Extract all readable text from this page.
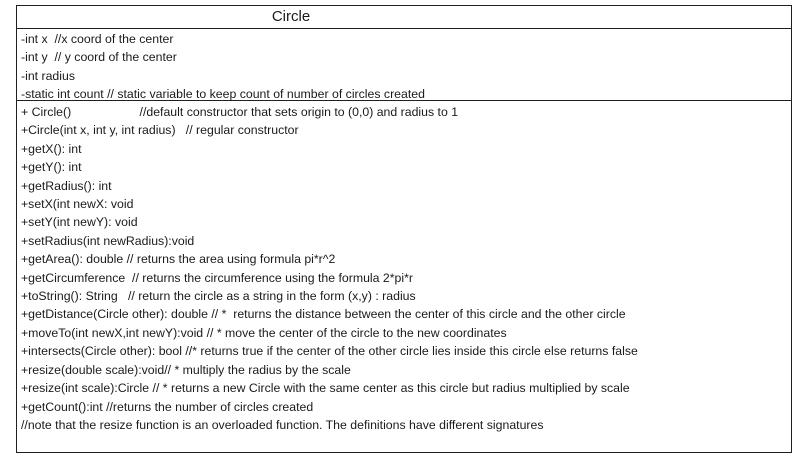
Circle
-int x  //x coord of the center
-int y  // y coord of the center
-int radius
-static int count // static variable to keep count of number of circles created
+ Circle()                    //default constructor that sets origin to (0,0) and radius to 1
+Circle(int x, int y, int radius)   // regular constructor
+getX(): int
+getY(): int
+getRadius(): int
+setX(int newX: void
+setY(int newY): void
+setRadius(int newRadius):void
+getArea(): double // returns the area using formula pi*r^2
+getCircumference  // returns the circumference using the formula 2*pi*r
+toString(): String   // return the circle as a string in the form (x,y) : radius
+getDistance(Circle other): double // *  returns the distance between the center of this circle and the other circle
+moveTo(int newX,int newY):void // * move the center of the circle to the new coordinates
+intersects(Circle other): bool //* returns true if the center of the other circle lies inside this circle else returns false
+resize(double scale):void// * multiply the radius by the scale
+resize(int scale):Circle // * returns a new Circle with the same center as this circle but radius multiplied by scale
+getCount():int //returns the number of circles created
//note that the resize function is an overloaded function. The definitions have different signatures
